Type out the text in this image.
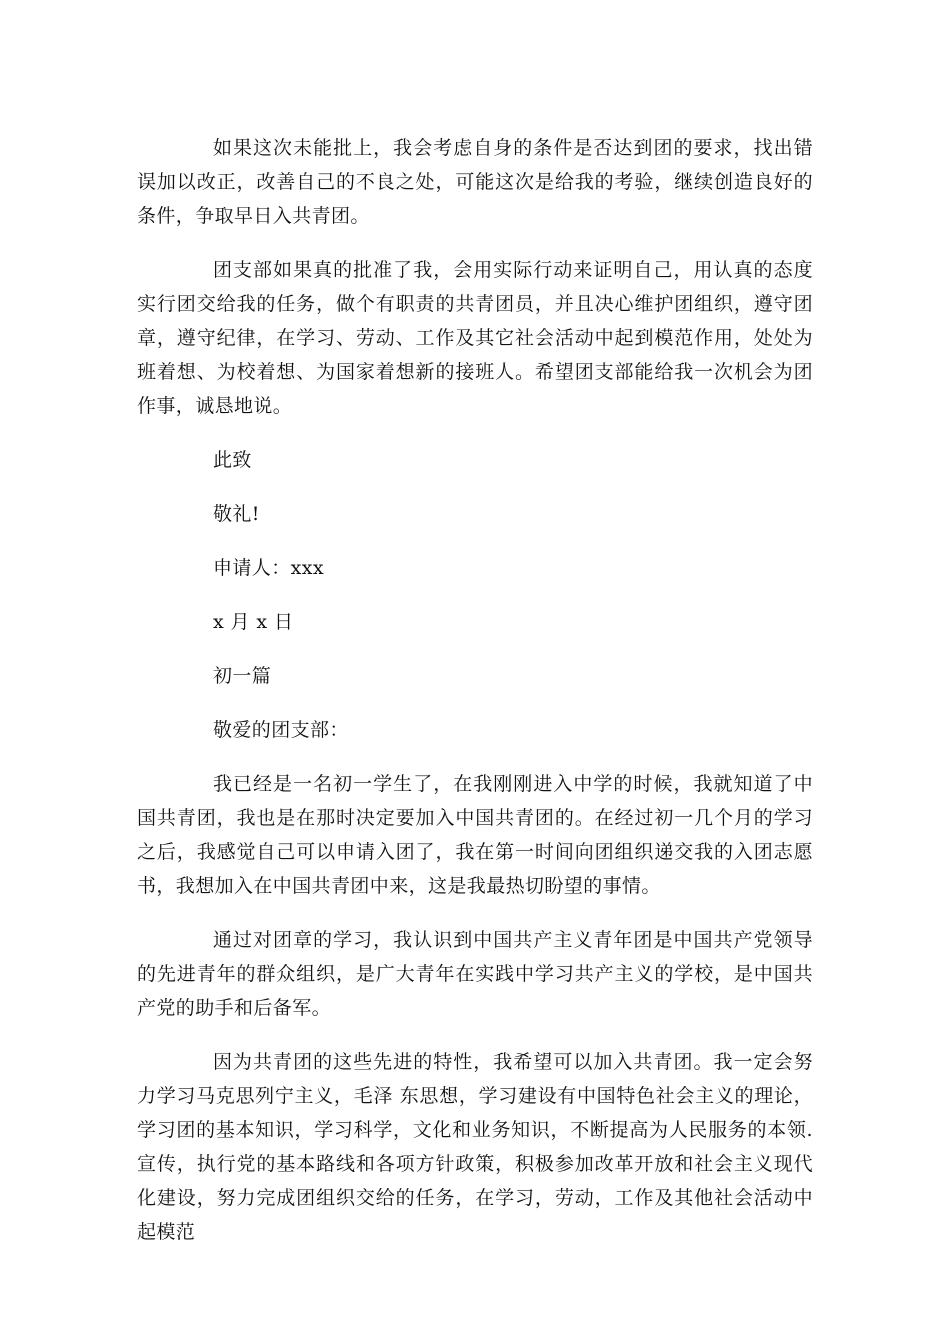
如果这次未能批上，我会考虑自身的条件是否达到团的要求，找出错误加以改正，改善自己的不良之处，可能这次是给我的考验，继续创造良好的条件，争取早日入共青团。

团支部如果真的批准了我，会用实际行动来证明自己，用认真的态度实行团交给我的任务，做个有职责的共青团员，并且决心维护团组织，遵守团章，遵守纪律，在学习、劳动、工作及其它社会活动中起到模范作用，处处为班着想、为校着想、为国家着想新的接班人。希望团支部能给我一次机会为团作事，诚恳地说。

此致

敬礼!

申请人：xxx

x 月 x 日

初一篇

敬爱的团支部：

我已经是一名初一学生了，在我刚刚进入中学的时候，我就知道了中国共青团，我也是在那时决定要加入中国共青团的。在经过初一几个月的学习之后，我感觉自己可以申请入团了，我在第一时间向团组织递交我的入团志愿书，我想加入在中国共青团中来，这是我最热切盼望的事情。

通过对团章的学习，我认识到中国共产主义青年团是中国共产党领导的先进青年的群众组织，是广大青年在实践中学习共产主义的学校，是中国共产党的助手和后备军。

因为共青团的这些先进的特性，我希望可以加入共青团。我一定会努力学习马克思列宁主义，毛泽 东思想，学习建设有中国特色社会主义的理论，学习团的基本知识，学习科学，文化和业务知识，不断提高为人民服务的本领.宣传，执行党的基本路线和各项方针政策，积极参加改革开放和社会主义现代化建设，努力完成团组织交给的任务，在学习，劳动，工作及其他社会活动中起模范
